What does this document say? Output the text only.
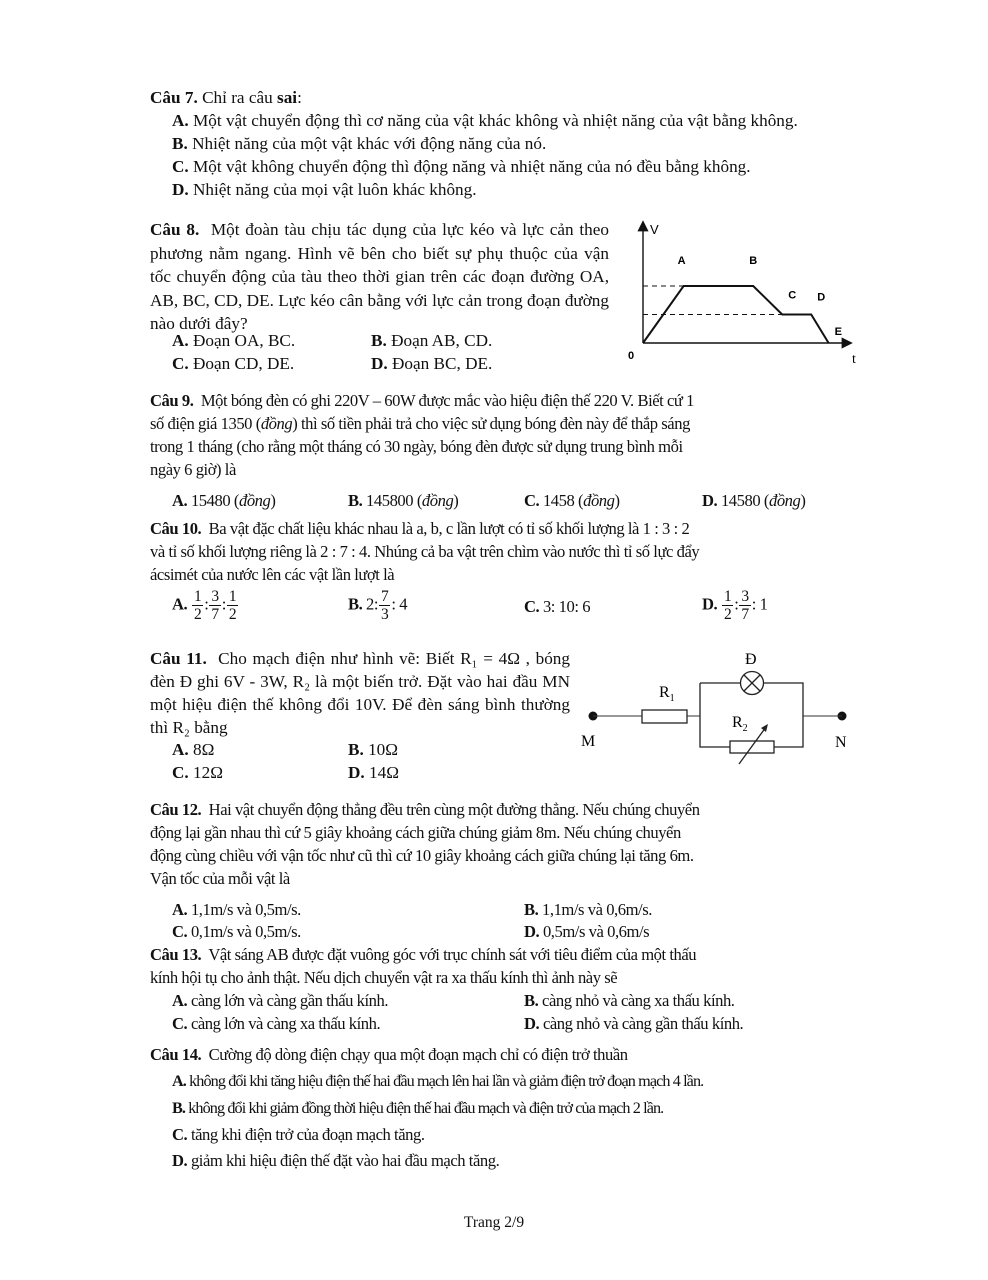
Câu 7. Chỉ ra câu sai:
A. Một vật chuyển động thì cơ năng của vật khác không và nhiệt năng của vật bằng không.
B. Nhiệt năng của một vật khác với động năng của nó.
C. Một vật không chuyển động thì động năng và nhiệt năng của nó đều bằng không.
D. Nhiệt năng của mọi vật luôn khác không.
Câu 8. Một đoàn tàu chịu tác dụng của lực kéo và lực cản theo phương nằm ngang. Hình vẽ bên cho biết sự phụ thuộc của vận tốc chuyển động của tàu theo thời gian trên các đoạn đường OA, AB, BC, CD, DE. Lực kéo cân bằng với lực cản trong đoạn đường nào dưới đây?
A. Đoạn OA, BC.	B. Đoạn AB, CD.
C. Đoạn CD, DE.	D. Đoạn BC, DE.
V
t
0
A	B
C D
E
Câu 9. Một bóng đèn có ghi 220V – 60W được mắc vào hiệu điện thế 220 V. Biết cứ 1
số điện giá 1350 (đồng) thì số tiền phải trả cho việc sử dụng bóng đèn này để thắp sáng
trong 1 tháng (cho rằng một tháng có 30 ngày, bóng đèn được sử dụng trung bình mỗi
ngày 6 giờ) là
A. 15480 (đồng)	B. 145800 (đồng)	C. 1458 (đồng)	D. 14580 (đồng)
Câu 10. Ba vật đặc chất liệu khác nhau là a, b, c lần lượt có tỉ số khối lượng là 1 : 3 : 2
và tỉ số khối lượng riêng là 2 : 7 : 4. Nhúng cả ba vật trên chìm vào nước thì tỉ số lực đẩy
ácsimét của nước lên các vật lần lượt là
A. $\frac{1}{2}$ : $\frac{3}{7}$ : $\frac{1}{2}$	B. 2: $\frac{7}{3}$ : 4	C. 3: 10: 6	D. $\frac{1}{2}$ : $\frac{3}{7}$ : 1
Câu 11. Cho mạch điện như hình vẽ: Biết R₁ = 4Ω , bóng đèn Đ ghi 6V - 3W, R₂ là một biến trở. Đặt vào hai đầu MN một hiệu điện thế không đổi 10V. Để đèn sáng bình thường thì R₂ bằng
A. 8Ω	B. 10Ω
C. 12Ω	D. 14Ω
Đ
$R_1$
$R_2$
M	N
Câu 12. Hai vật chuyển động thẳng đều trên cùng một đường thẳng. Nếu chúng chuyển
động lại gần nhau thì cứ 5 giây khoảng cách giữa chúng giảm 8m. Nếu chúng chuyển
động cùng chiều với vận tốc như cũ thì cứ 10 giây khoảng cách giữa chúng lại tăng 6m.
Vận tốc của mỗi vật là
A. 1,1m/s và 0,5m/s.	B. 1,1m/s và 0,6m/s.
C. 0,1m/s và 0,5m/s.	D. 0,5m/s và 0,6m/s
Câu 13. Vật sáng AB được đặt vuông góc với trục chính sát với tiêu điểm của một thấu
kính hội tụ cho ảnh thật. Nếu dịch chuyển vật ra xa thấu kính thì ảnh này sẽ
A. càng lớn và càng gần thấu kính.	B. càng nhỏ và càng xa thấu kính.
C. càng lớn và càng xa thấu kính.	D. càng nhỏ và càng gần thấu kính.
Câu 14. Cường độ dòng điện chạy qua một đoạn mạch chỉ có điện trở thuần
A. không đổi khi tăng hiệu điện thế hai đầu mạch lên hai lần và giảm điện trở đoạn mạch 4 lần.
B. không đổi khi giảm đồng thời hiệu điện thế hai đầu mạch và điện trở của mạch 2 lần.
C. tăng khi điện trở của đoạn mạch tăng.
D. giảm khi hiệu điện thế đặt vào hai đầu mạch tăng.
Trang 2/9
